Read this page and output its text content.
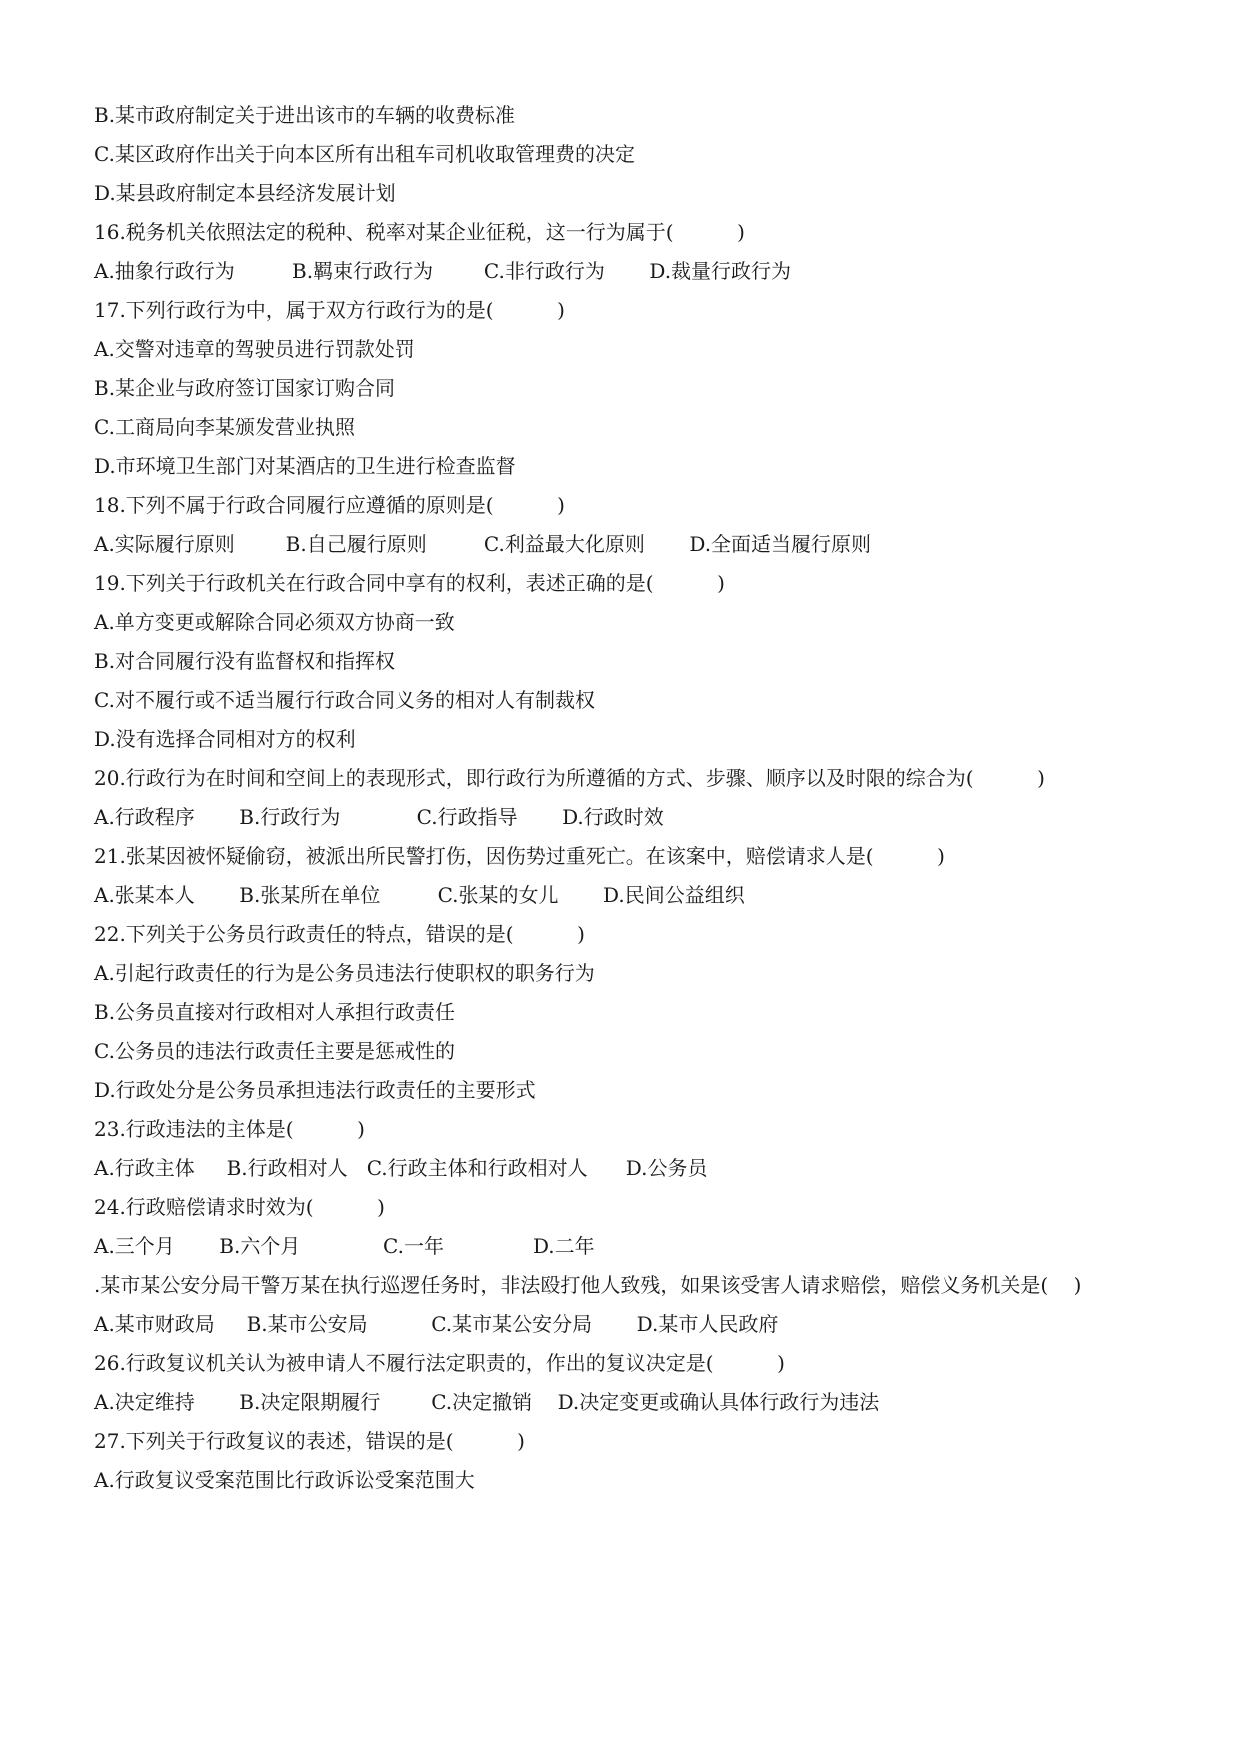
B.某市政府制定关于进出该市的车辆的收费标准
C.某区政府作出关于向本区所有出租车司机收取管理费的决定
D.某县政府制定本县经济发展计划
16.税务机关依照法定的税种、税率对某企业征税，这一行为属于(          )
A.抽象行政行为         B.羁束行政行为        C.非行政行为       D.裁量行政行为
17.下列行政行为中，属于双方行政行为的是(          )
A.交警对违章的驾驶员进行罚款处罚
B.某企业与政府签订国家订购合同
C.工商局向李某颁发营业执照
D.市环境卫生部门对某酒店的卫生进行检查监督
18.下列不属于行政合同履行应遵循的原则是(          )
A.实际履行原则        B.自己履行原则         C.利益最大化原则       D.全面适当履行原则
19.下列关于行政机关在行政合同中享有的权利，表述正确的是(          )
A.单方变更或解除合同必须双方协商一致
B.对合同履行没有监督权和指挥权
C.对不履行或不适当履行行政合同义务的相对人有制裁权
D.没有选择合同相对方的权利
20.行政行为在时间和空间上的表现形式，即行政行为所遵循的方式、步骤、顺序以及时限的综合为(          )
A.行政程序       B.行政行为            C.行政指导       D.行政时效
21.张某因被怀疑偷窃，被派出所民警打伤，因伤势过重死亡。在该案中，赔偿请求人是(          )
A.张某本人       B.张某所在单位         C.张某的女儿       D.民间公益组织
22.下列关于公务员行政责任的特点，错误的是(          )
A.引起行政责任的行为是公务员违法行使职权的职务行为
B.公务员直接对行政相对人承担行政责任
C.公务员的违法行政责任主要是惩戒性的
D.行政处分是公务员承担违法行政责任的主要形式
23.行政违法的主体是(          )
A.行政主体     B.行政相对人   C.行政主体和行政相对人      D.公务员
24.行政赔偿请求时效为(          )
A.三个月       B.六个月             C.一年              D.二年
.某市某公安分局干警万某在执行巡逻任务时，非法殴打他人致残，如果该受害人请求赔偿，赔偿义务机关是(    )
A.某市财政局     B.某市公安局          C.某市某公安分局       D.某市人民政府
26.行政复议机关认为被申请人不履行法定职责的，作出的复议决定是(          )
A.决定维持       B.决定限期履行        C.决定撤销    D.决定变更或确认具体行政行为违法
27.下列关于行政复议的表述，错误的是(          )
A.行政复议受案范围比行政诉讼受案范围大
